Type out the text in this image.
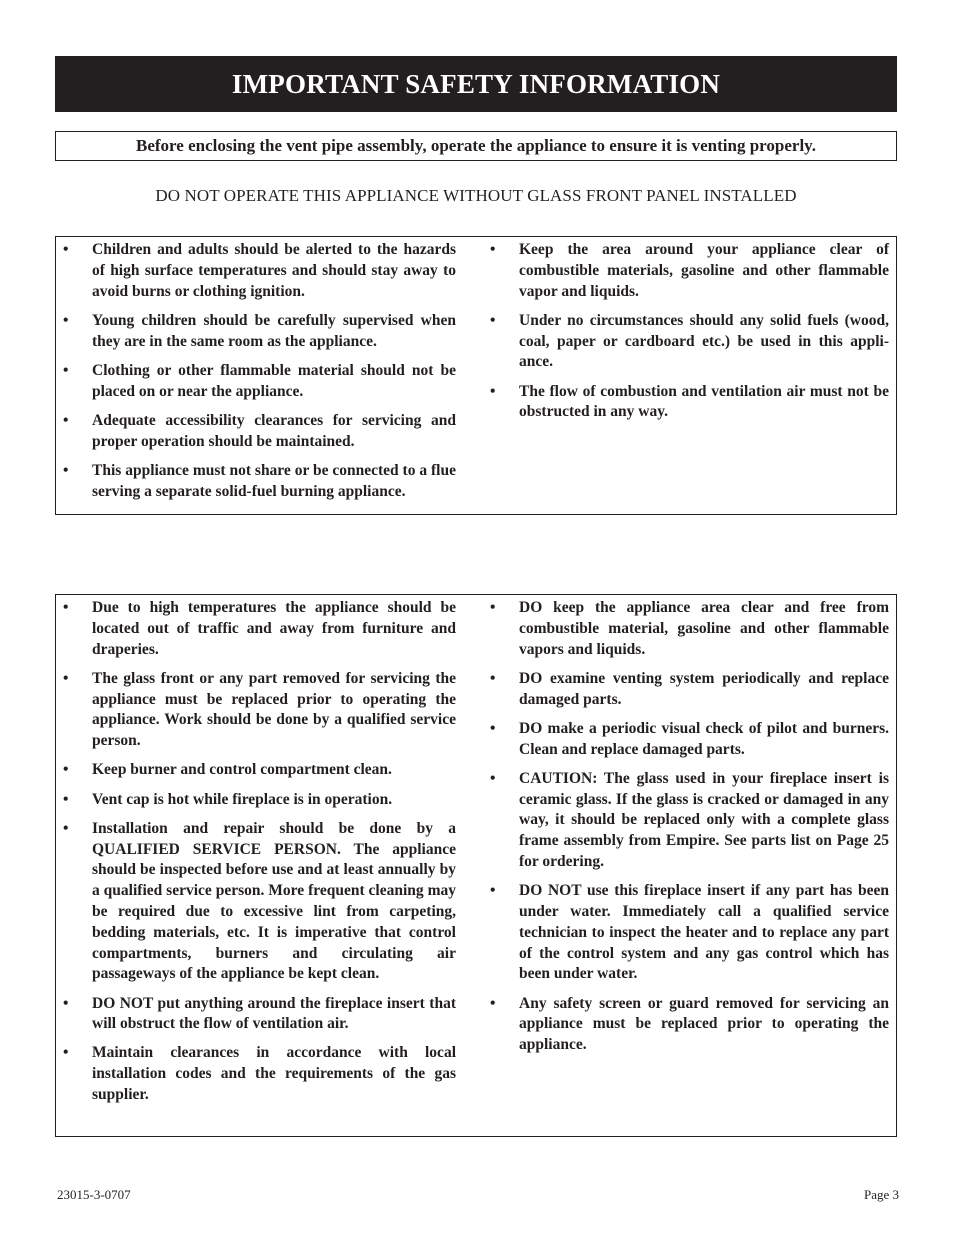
IMPORTANT SAFETY INFORMATION
Before enclosing the vent pipe assembly, operate the appliance to ensure it is venting properly.
DO NOT OPERATE THIS APPLIANCE WITHOUT GLASS FRONT PANEL INSTALLED
• Children and adults should be alerted to the hazards of high surface temperatures and should stay away to avoid burns or clothing ignition.
• Young children should be carefully supervised when they are in the same room as the appliance.
• Clothing or other flammable material should not be placed on or near the appliance.
• Adequate accessibility clearances for servicing and proper operation should be maintained.
• This appliance must not share or be connected to a flue serving a separate solid-fuel burning appliance.
• Keep the area around your appliance clear of combustible materials, gasoline and other flammable vapor and liquids.
• Under no circumstances should any solid fuels (wood, coal, paper or cardboard etc.) be used in this appli-ance.
• The flow of combustion and ventilation air must not be obstructed in any way.
• Due to high temperatures the appliance should be located out of traffic and away from furniture and draperies.
• The glass front or any part removed for servicing the appliance must be replaced prior to operating the appliance. Work should be done by a qualified service person.
• Keep burner and control compartment clean.
• Vent cap is hot while fireplace is in operation.
• Installation and repair should be done by a QUALIFIED SERVICE PERSON. The appliance should be inspected before use and at least annually by a qualified service person. More frequent cleaning may be required due to excessive lint from carpeting, bedding materials, etc. It is imperative that control compartments, burners and circulating air passageways of the appliance be kept clean.
• DO NOT put anything around the fireplace insert that will obstruct the flow of ventilation air.
• Maintain clearances in accordance with local installation codes and the requirements of the gas supplier.
• DO keep the appliance area clear and free from combustible material, gasoline and other flammable vapors and liquids.
• DO examine venting system periodically and replace damaged parts.
• DO make a periodic visual check of pilot and burners. Clean and replace damaged parts.
• CAUTION: The glass used in your fireplace insert is ceramic glass. If the glass is cracked or damaged in any way, it should be replaced only with a complete glass frame assembly from Empire. See parts list on Page 25 for ordering.
• DO NOT use this fireplace insert if any part has been under water. Immediately call a qualified service technician to inspect the heater and to replace any part of the control system and any gas control which has been under water.
• Any safety screen or guard removed for servicing an appliance must be replaced prior to operating the appliance.
23015-3-0707	Page 3
